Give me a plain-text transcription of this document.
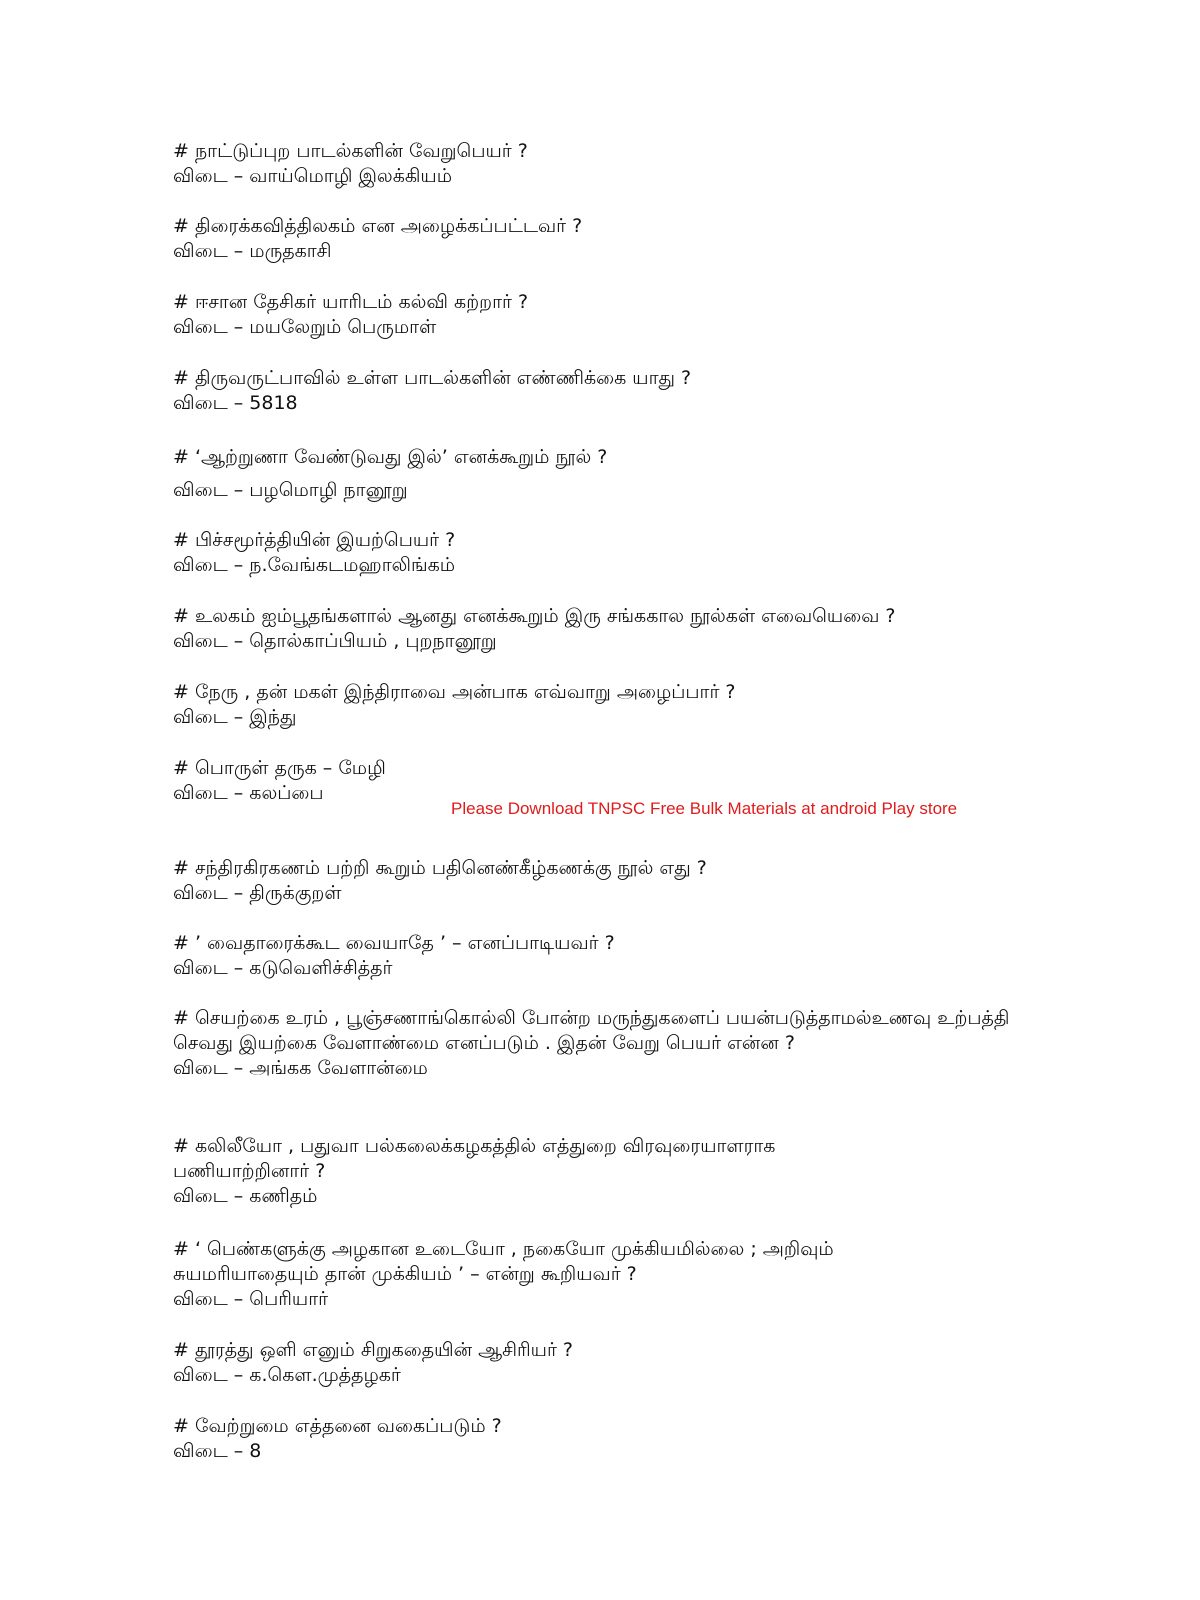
# நாட்டுப்புற பாடல்களின் வேறுபெயர் ?
விடை – வாய்மொழி இலக்கியம்
# திரைக்கவித்திலகம் என அழைக்கப்பட்டவர் ?
விடை – மருதகாசி
# ஈசான தேசிகர் யாரிடம் கல்வி கற்றார் ?
விடை – மயலேறும் பெருமாள்
# திருவருட்பாவில் உள்ள பாடல்களின் எண்ணிக்கை யாது ?
விடை – 5818
# ‘ஆற்றுணா வேண்டுவது இல்’ எனக்கூறும் நூல் ?
விடை – பழமொழி நானூறு
# பிச்சமூர்த்தியின் இயற்பெயர் ?
விடை – ந.வேங்கடமஹாலிங்கம்
# உலகம் ஐம்பூதங்களால் ஆனது எனக்கூறும் இரு சங்ககால நூல்கள் எவையெவை ?
விடை – தொல்காப்பியம் , புறநானூறு
# நேரு , தன் மகள் இந்திராவை அன்பாக எவ்வாறு அழைப்பார் ?
விடை – இந்து
# பொருள் தருக – மேழி
விடை – கலப்பை
Please Download TNPSC Free Bulk Materials at android Play store
# சந்திரகிரகணம் பற்றி கூறும் பதினெண்கீழ்கணக்கு நூல் எது ?
விடை – திருக்குறள்
# ’ வைதாரைக்கூட வையாதே ’ – எனப்பாடியவர் ?
விடை – கடுவெளிச்சித்தர்
# செயற்கை உரம் , பூஞ்சணாங்கொல்லி போன்ற மருந்துகளைப் பயன்படுத்தாமல்உணவு உற்பத்தி செவது இயற்கை வேளாண்மை எனப்படும் . இதன் வேறு பெயர் என்ன ?
விடை – அங்கக வேளான்மை
# கலிலீயோ , பதுவா பல்கலைக்கழகத்தில் எத்துறை விரவுரையாளராக பணியாற்றினார் ?
விடை – கணிதம்
# ‘ பெண்களுக்கு அழகான உடையோ , நகையோ முக்கியமில்லை ; அறிவும் சுயமரியாதையும் தான் முக்கியம் ’ – என்று கூறியவர் ?
விடை – பெரியார்
# தூரத்து ஒளி எனும் சிறுகதையின் ஆசிரியர் ?
விடை – க.கௌ.முத்தழகர்
# வேற்றுமை எத்தனை வகைப்படும் ?
விடை – 8
